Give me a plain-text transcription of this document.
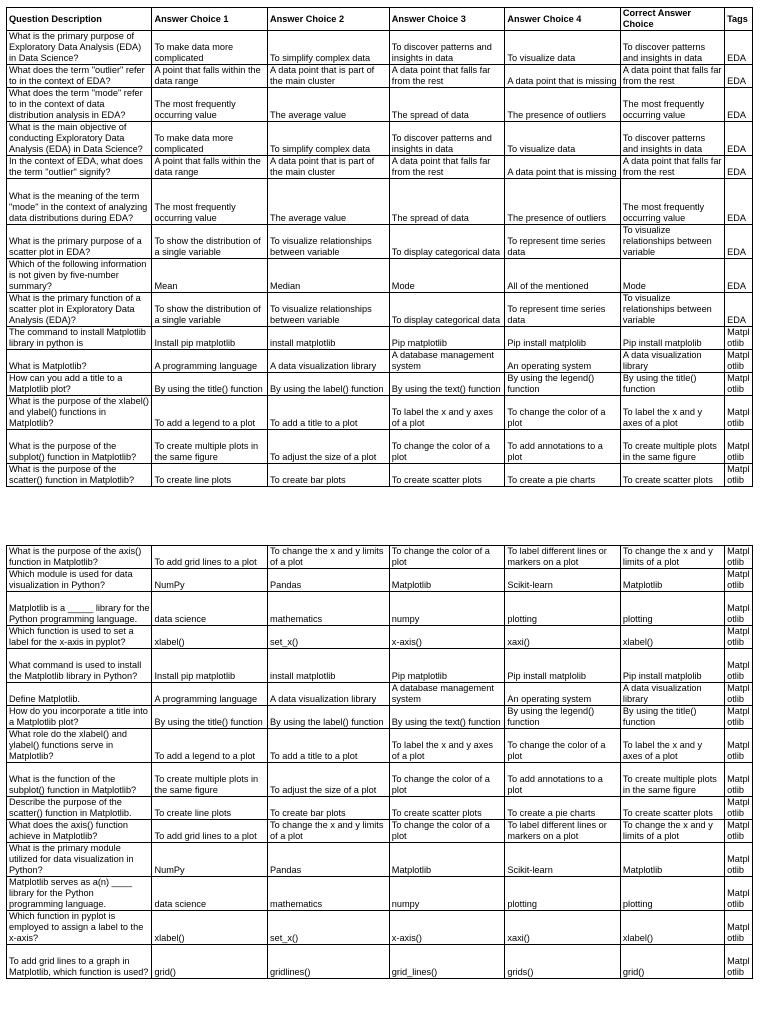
Question Description	Answer Choice 1	Answer Choice 2	Answer Choice 3	Answer Choice 4	Correct Answer Choice	Tags
What is the primary purpose of Exploratory Data Analysis (EDA) in Data Science?	To make data more complicated	To simplify complex data	To discover patterns and insights in data	To visualize data	To discover patterns and insights in data	EDA
What does the term "outlier" refer to in the context of EDA?	A point that falls within the data range	A data point that is part of the main cluster	A data point that falls far from the rest	A data point that is missing	A data point that falls far from the rest	EDA
What does the term "mode" refer to in the context of data distribution analysis in EDA?	The most frequently occurring value	The average value	The spread of data	The presence of outliers	The most frequently occurring value	EDA
What is the main objective of conducting Exploratory Data Analysis (EDA) in Data Science?	To make data more complicated	To simplify complex data	To discover patterns and insights in data	To visualize data	To discover patterns and insights in data	EDA
In the context of EDA, what does the term "outlier" signify?	A point that falls within the data range	A data point that is part of the main cluster	A data point that falls far from the rest	A data point that is missing	A data point that falls far from the rest	EDA
What is the meaning of the term "mode" in the context of analyzing data distributions during EDA?	The most frequently occurring value	The average value	The spread of data	The presence of outliers	The most frequently occurring value	EDA
What is the primary purpose of a scatter plot in EDA?	To show the distribution of a single variable	To visualize relationships between variable	To display categorical data	To represent time series data	To visualize relationships between variable	EDA
Which of the following information is not given by five-number summary?	Mean	Median	Mode	All of the mentioned	Mode	EDA
What is the primary function of a scatter plot in Exploratory Data Analysis (EDA)?	To show the distribution of a single variable	To visualize relationships between variable	To display categorical data	To represent time series data	To visualize relationships between variable	EDA
The command to install Matplotlib library in python is	Install pip matplotlib	install matplotlib	Pip matplotlib	Pip install matplolib	Pip install matplolib	Matplotlib
What is Matplotlib?	A programming language	A data visualization library	A database management system	An operating system	A data visualization library	Matplotlib
How can you add a title to a Matplotlib plot?	By using the title() function	By using the label() function	By using the text() function	By using the legend() function	By using the title() function	Matplotlib
What is the purpose of the xlabel() and ylabel() functions in Matplotlib?	To add a legend to a plot	To add a title to a plot	To label the x and y axes of a plot	To change the color of a plot	To label the x and y axes of a plot	Matplotlib
What is the purpose of the subplot() function in Matplotlib?	To create multiple plots in the same figure	To adjust the size of a plot	To change the color of a plot	To add annotations to a plot	To create multiple plots in the same figure	Matplotlib
What is the purpose of the scatter() function in Matplotlib?	To create line plots	To create bar plots	To create scatter plots	To create a pie charts	To create scatter plots	Matplotlib
What is the purpose of the axis() function in Matplotlib?	To add grid lines to a plot	To change the x and y limits of a plot	To change the color of a plot	To label different lines or markers on a plot	To change the x and y limits of a plot	Matplotlib
Which module is used for data visualization in Python?	NumPy	Pandas	Matplotlib	Scikit-learn	Matplotlib	Matplotlib
Matplotlib is a _____ library for the Python programming language.	data science	mathematics	numpy	plotting	plotting	Matplotlib
Which function is used to set a label for the x-axis in pyplot?	xlabel()	set_x()	x-axis()	xaxi()	xlabel()	Matplotlib
What command is used to install the Matplotlib library in Python?	Install pip matplotlib	install matplotlib	Pip matplotlib	Pip install matplolib	Pip install matplolib	Matplotlib
Define Matplotlib.	A programming language	A data visualization library	A database management system	An operating system	A data visualization library	Matplotlib
How do you incorporate a title into a Matplotlib plot?	By using the title() function	By using the label() function	By using the text() function	By using the legend() function	By using the title() function	Matplotlib
What role do the xlabel() and ylabel() functions serve in Matplotlib?	To add a legend to a plot	To add a title to a plot	To label the x and y axes of a plot	To change the color of a plot	To label the x and y axes of a plot	Matplotlib
What is the function of the subplot() function in Matplotlib?	To create multiple plots in the same figure	To adjust the size of a plot	To change the color of a plot	To add annotations to a plot	To create multiple plots in the same figure	Matplotlib
Describe the purpose of the scatter() function in Matplotlib.	To create line plots	To create bar plots	To create scatter plots	To create a pie charts	To create scatter plots	Matplotlib
What does the axis() function achieve in Matplotlib?	To add grid lines to a plot	To change the x and y limits of a plot	To change the color of a plot	To label different lines or markers on a plot	To change the x and y limits of a plot	Matplotlib
What is the primary module utilized for data visualization in Python?	NumPy	Pandas	Matplotlib	Scikit-learn	Matplotlib	Matplotlib
Matplotlib serves as a(n) ____ library for the Python programming language.	data science	mathematics	numpy	plotting	plotting	Matplotlib
Which function in pyplot is employed to assign a label to the x-axis?	xlabel()	set_x()	x-axis()	xaxi()	xlabel()	Matplotlib
To add grid lines to a graph in Matplotlib, which function is used?	grid()	gridlines()	grid_lines()	grids()	grid()	Matplotlib
